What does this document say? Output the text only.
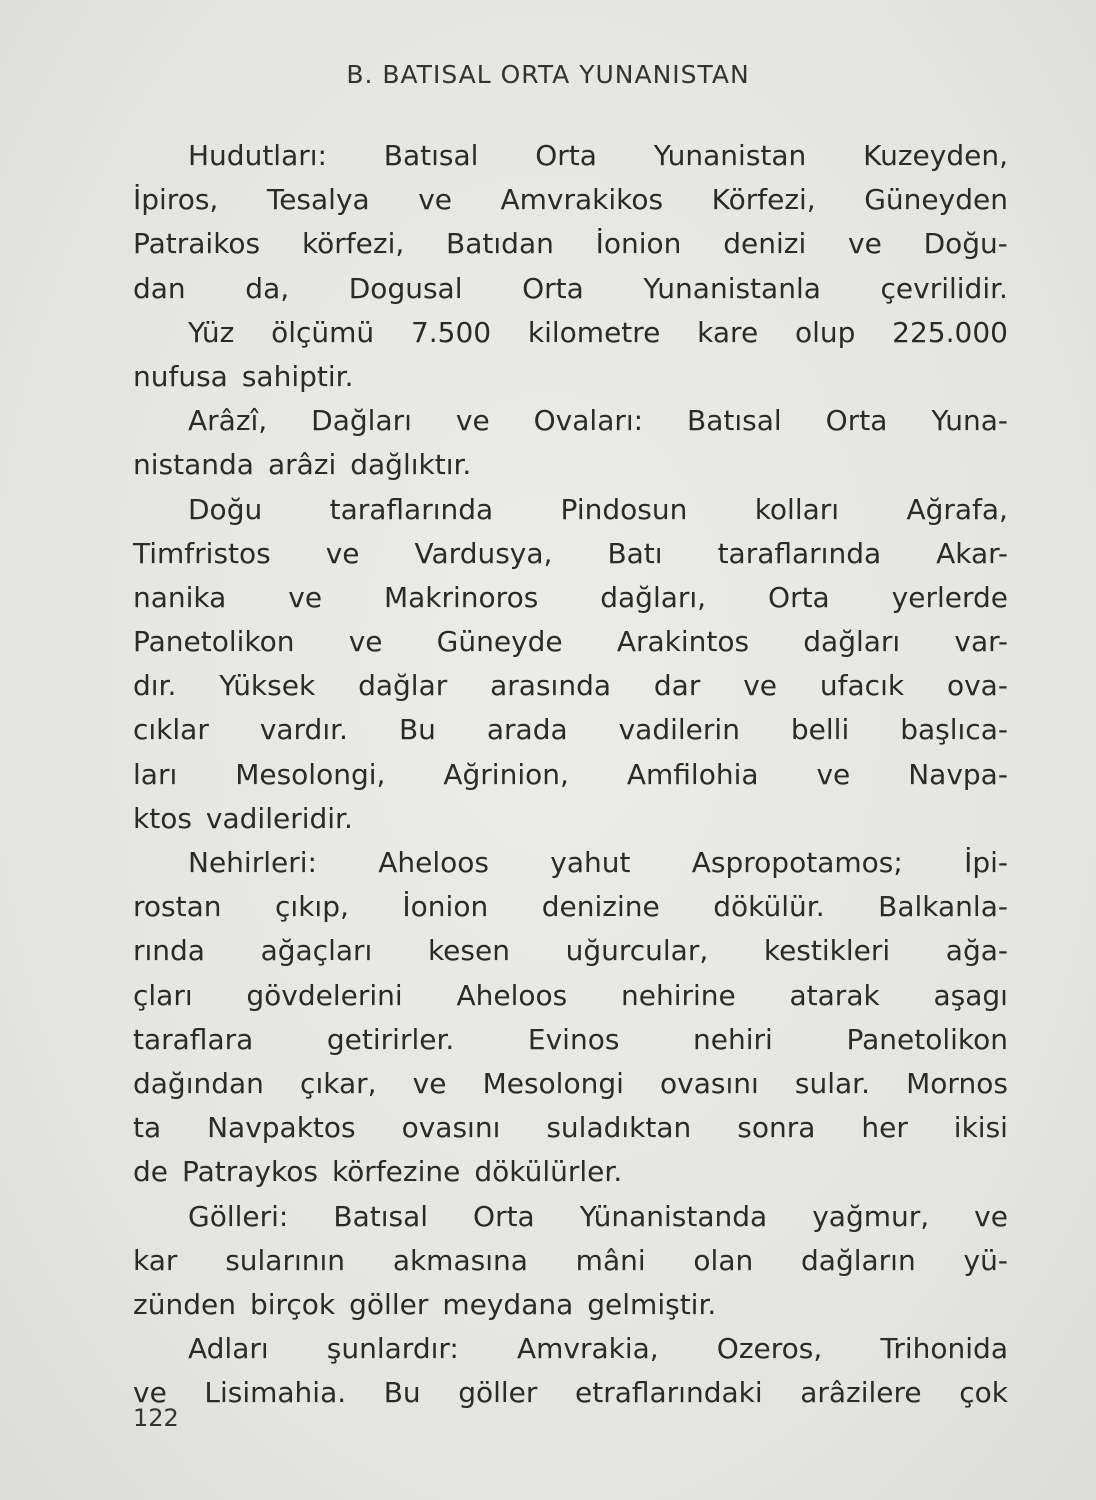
B. BATISAL ORTA YUNANISTAN
Hudutları: Batısal Orta Yunanistan Kuzeyden,
İpiros, Tesalya ve Amvrakikos Körfezi, Güneyden
Patraikos körfezi, Batıdan İonion denizi ve Doğu-
dan da, Dogusal Orta Yunanistanla çevrilidir.
Yüz ölçümü 7.500 kilometre kare olup 225.000
nufusa sahiptir.
Arâzî, Dağları ve Ovaları: Batısal Orta Yuna-
nistanda arâzi dağlıktır.
Doğu taraflarında Pindosun kolları Ağrafa,
Timfristos ve Vardusya, Batı taraflarında Akar-
nanika ve Makrinoros dağları, Orta yerlerde
Panetolikon ve Güneyde Arakintos dağları var-
dır. Yüksek dağlar arasında dar ve ufacık ova-
cıklar vardır. Bu arada vadilerin belli başlıca-
ları Mesolongi, Ağrinion, Amfilohia ve Navpa-
ktos vadileridir.
Nehirleri: Aheloos yahut Aspropotamos; İpi-
rostan çıkıp, İonion denizine dökülür. Balkanla-
rında ağaçları kesen uğurcular, kestikleri ağa-
çları gövdelerini Aheloos nehirine atarak aşagı
taraflara	getirirler.	Evinos	nehiri	Panetolikon
dağından çıkar, ve Mesolongi ovasını sular. Mornos
ta Navpaktos ovasını suladıktan sonra her ikisi
de Patraykos körfezine dökülürler.
Gölleri: Batısal Orta Yünanistanda yağmur, ve
kar sularının akmasına mâni olan dağların yü-
zünden birçok göller meydana gelmiştir.
Adları şunlardır: Amvrakia, Ozeros, Trihonida
ve Lisimahia. Bu göller etraflarındaki arâzilere çok
122
